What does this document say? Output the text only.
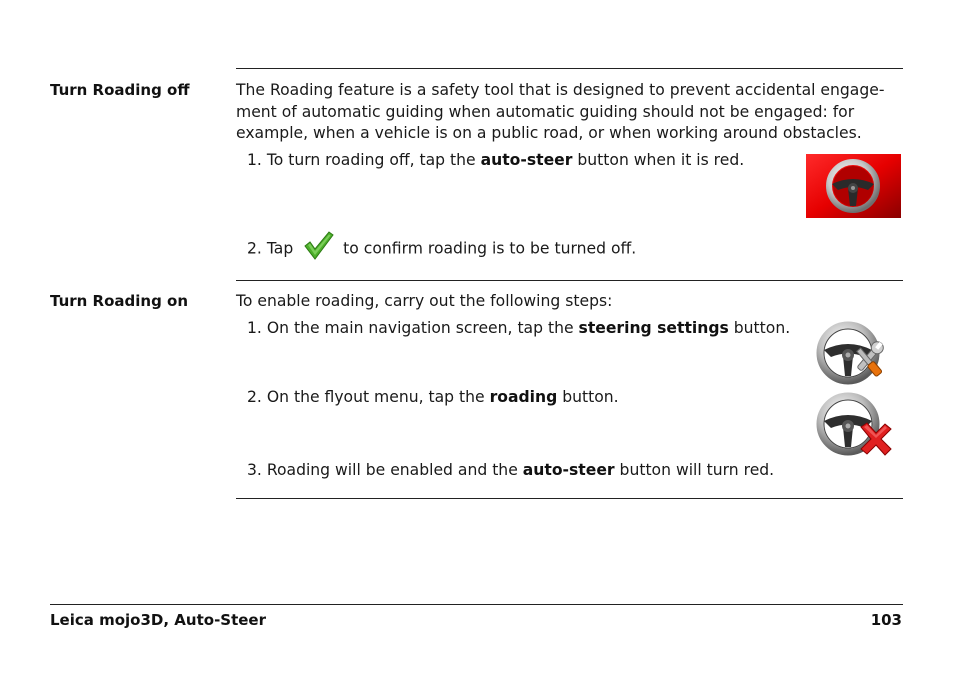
Turn Roading off	The Roading feature is a safety tool that is designed to prevent accidental engage-
ment of automatic guiding when automatic guiding should not be engaged: for
example, when a vehicle is on a public road, or when working around obstacles.
1. To turn roading off, tap the auto-steer button when it is red.
2. Tap	to confirm roading is to be turned off.
Turn Roading on	To enable roading, carry out the following steps:
1. On the main navigation screen, tap the steering settings button.
2. On the flyout menu, tap the roading button.
3. Roading will be enabled and the auto-steer button will turn red.
Leica mojo3D, Auto-Steer	103
